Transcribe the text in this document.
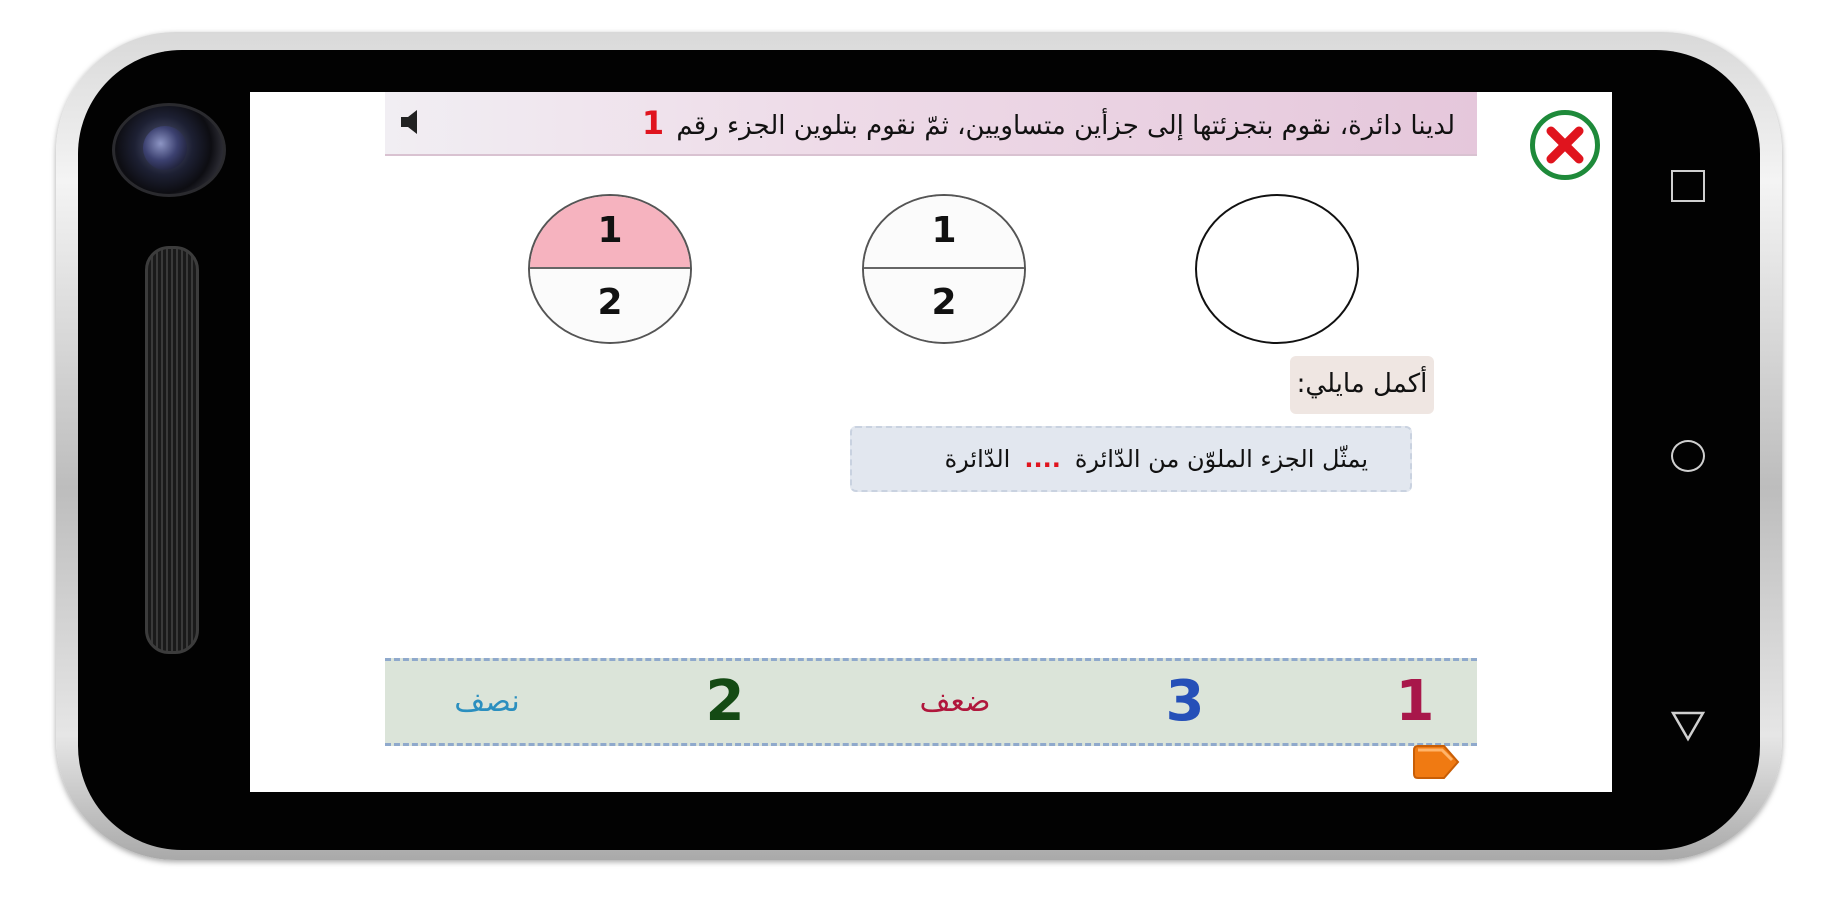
لدينا دائرة، نقوم بتجزئتها إلى جزأين متساويين، ثمّ نقوم بتلوين الجزء رقم 1
1
2
1
2
أكمل مايلي:
يمثّل الجزء الملوّن من الدّائرة....الدّائرة
1
3
ضعف
2
نصف
